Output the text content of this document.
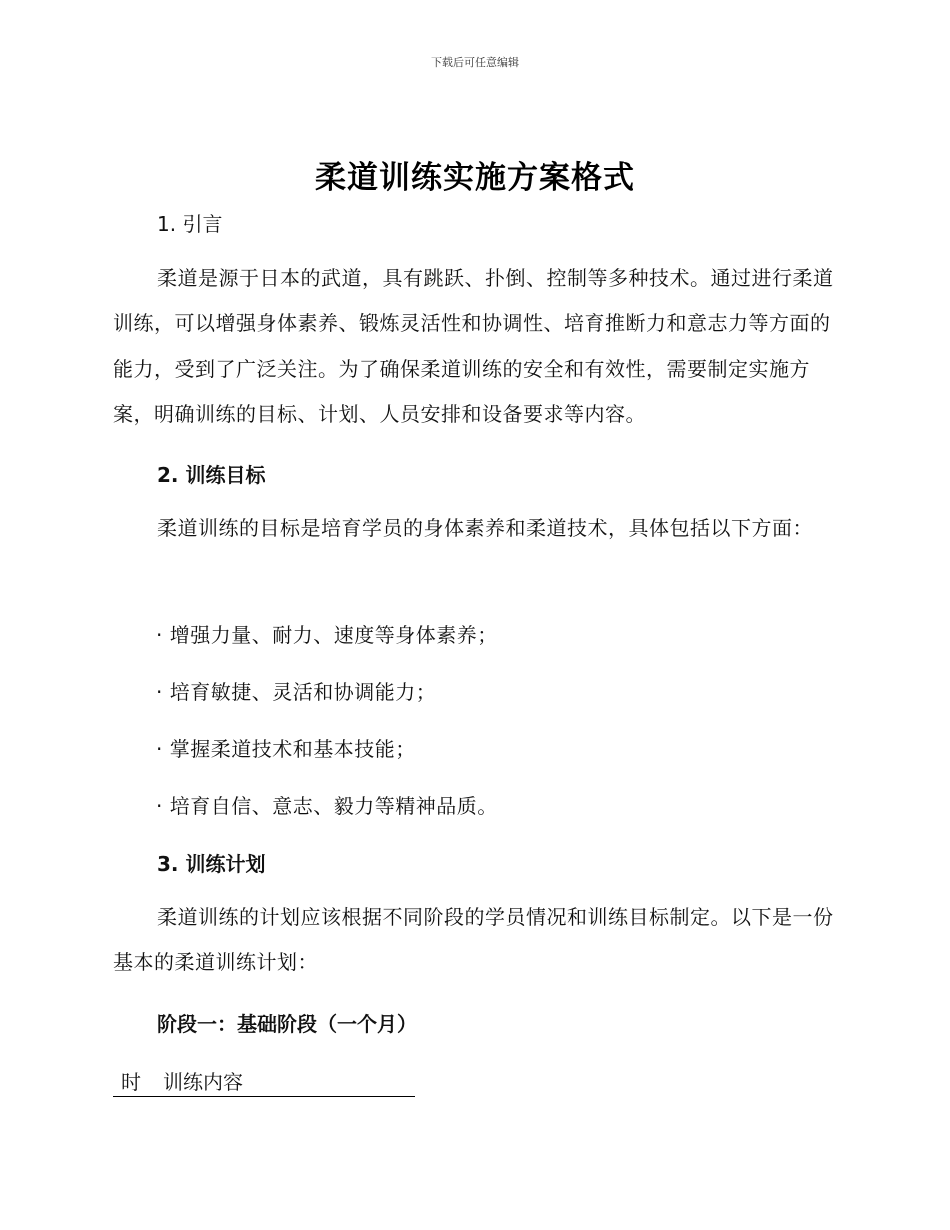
下载后可任意编辑
柔道训练实施方案格式
1. 引言

柔道是源于日本的武道，具有跳跃、扑倒、控制等多种技术。通过进行柔道训练，可以增强身体素养、锻炼灵活性和协调性、培育推断力和意志力等方面的能力，受到了广泛关注。为了确保柔道训练的安全和有效性，需要制定实施方案，明确训练的目标、计划、人员安排和设备要求等内容。

2. 训练目标

柔道训练的目标是培育学员的身体素养和柔道技术，具体包括以下方面：

· 增强力量、耐力、速度等身体素养；
· 培育敏捷、灵活和协调能力；
· 掌握柔道技术和基本技能；
· 培育自信、意志、毅力等精神品质。
3. 训练计划

柔道训练的计划应该根据不同阶段的学员情况和训练目标制定。以下是一份基本的柔道训练计划：

阶段一：基础阶段（一个月）
时 训练内容
